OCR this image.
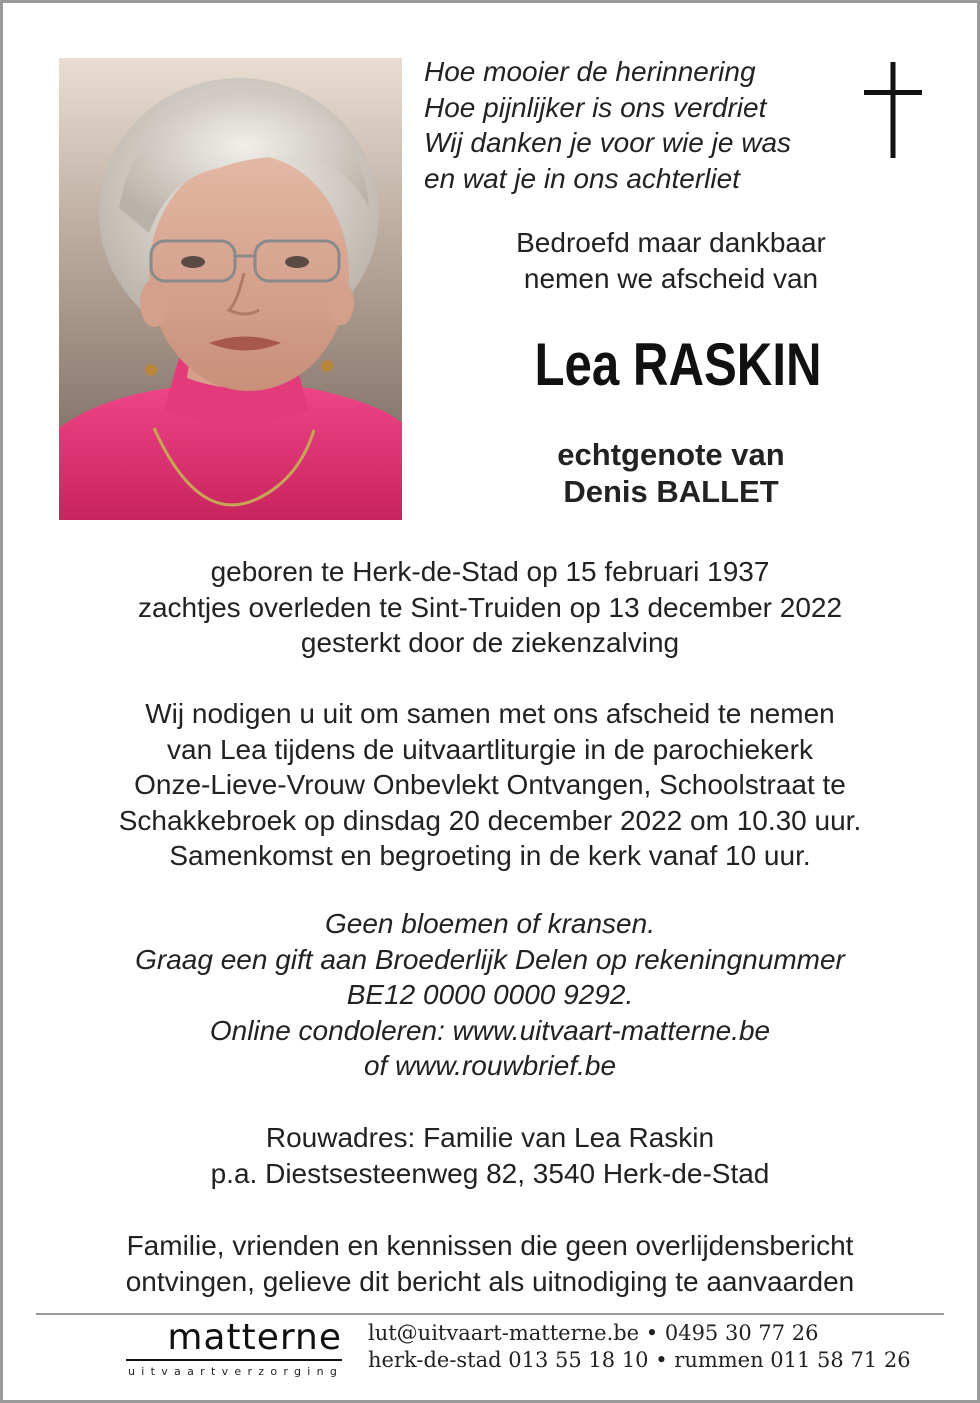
Hoe mooier de herinnering
Hoe pijnlijker is ons verdriet
Wij danken je voor wie je was
en wat je in ons achterliet
Bedroefd maar dankbaar
nemen we afscheid van
Lea RASKIN
echtgenote van
Denis BALLET
geboren te Herk-de-Stad op 15 februari 1937
zachtjes overleden te Sint-Truiden op 13 december 2022
gesterkt door de ziekenzalving
Wij nodigen u uit om samen met ons afscheid te nemen
van Lea tijdens de uitvaartliturgie in de parochiekerk
Onze-Lieve-Vrouw Onbevlekt Ontvangen, Schoolstraat te
Schakkebroek op dinsdag 20 december 2022 om 10.30 uur.
Samenkomst en begroeting in de kerk vanaf 10 uur.
Geen bloemen of kransen.
Graag een gift aan Broederlijk Delen op rekeningnummer
BE12 0000 0000 9292.
Online condoleren: www.uitvaart-matterne.be
of www.rouwbrief.be
Rouwadres: Familie van Lea Raskin
p.a. Diestsesteenweg 82, 3540 Herk-de-Stad
Familie, vrienden en kennissen die geen overlijdensbericht
ontvingen, gelieve dit bericht als uitnodiging te aanvaarden
matterne
uitvaartverzorging
lut@uitvaart-matterne.be • 0495 30 77 26
herk-de-stad 013 55 18 10 • rummen 011 58 71 26
